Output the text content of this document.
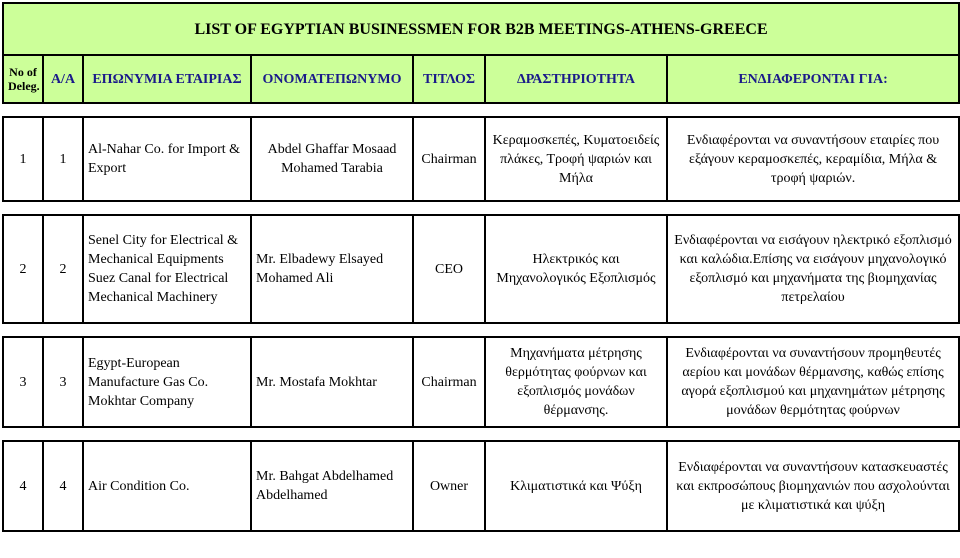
LIST OF EGYPTIAN BUSINESSMEN FOR B2B MEETINGS-ATHENS-GREECE						
No of Deleg.	Α/Α	ΕΠΩΝΥΜΙΑ ΕΤΑΙΡΙΑΣ	ΟΝΟΜΑΤΕΠΩΝΥΜΟ	ΤΙΤΛΟΣ	ΔΡΑΣΤΗΡΙΟΤΗΤΑ	ΕΝΔΙΑΦΕΡΟΝΤΑΙ ΓΙΑ:

1	1	Al-Nahar Co. for Import & Export	Abdel Ghaffar Mosaad Mohamed Tarabia	Chairman	Κεραμοσκεπές, Κυματοειδείς πλάκες, Τροφή ψαριών και Μήλα	Ενδιαφέρονται να συναντήσουν εταιρίες που εξάγουν κεραμοσκεπές, κεραμίδια, Μήλα & τροφή ψαριών.

2	2	Senel City for Electrical & Mechanical Equipments Suez Canal for Electrical Mechanical Machinery	Mr. Elbadewy Elsayed Mohamed Ali	CEO	Ηλεκτρικός και Μηχανολογικός Εξοπλισμός	Ενδιαφέρονται να εισάγουν ηλεκτρικό εξοπλισμό και καλώδια.Επίσης να εισάγουν μηχανολογικό εξοπλισμό και μηχανήματα της βιομηχανίας πετρελαίου

3	3	Egypt-European Manufacture Gas Co. Mokhtar Company	Mr. Mostafa Mokhtar	Chairman	Μηχανήματα μέτρησης θερμότητας φούρνων και εξοπλισμός μονάδων θέρμανσης.	Ενδιαφέρονται να συναντήσουν προμηθευτές αερίου και μονάδων θέρμανσης, καθώς επίσης αγορά εξοπλισμού και μηχανημάτων μέτρησης μονάδων θερμότητας φούρνων

4	4	Air Condition Co.	Mr. Bahgat Abdelhamed Abdelhamed	Owner	Κλιματιστικά και Ψύξη	Ενδιαφέρονται να συναντήσουν κατασκευαστές και εκπροσώπους βιομηχανιών που ασχολούνται με κλιματιστικά και ψύξη
